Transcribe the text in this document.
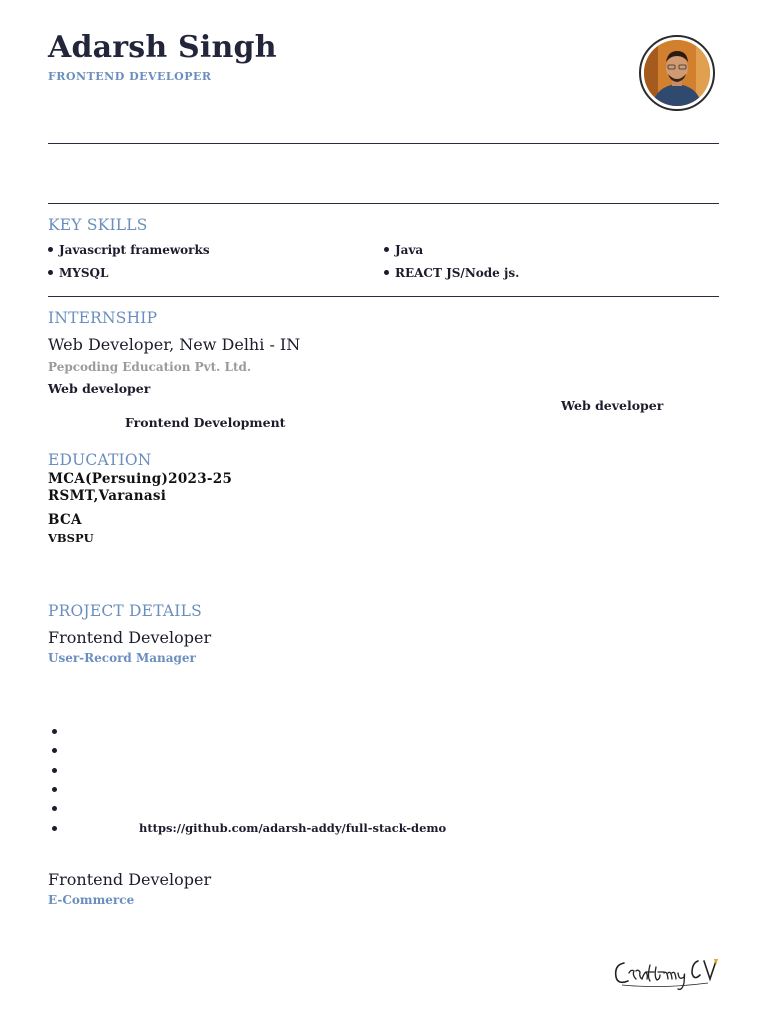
Adarsh Singh
FRONTEND DEVELOPER
KEY SKILLS
Javascript frameworks	Java
MYSQL	REACT JS/Node js.
INTERNSHIP
Web Developer, New Delhi - IN
Pepcoding Education Pvt. Ltd.
Web developer
Web developer
Frontend Development
EDUCATION
MCA(Persuing)2023-25
RSMT,Varanasi
BCA
VBSPU
PROJECT DETAILS
Frontend Developer
User-Record Manager
https://github.com/adarsh-addy/full-stack-demo
Frontend Developer
E-Commerce
